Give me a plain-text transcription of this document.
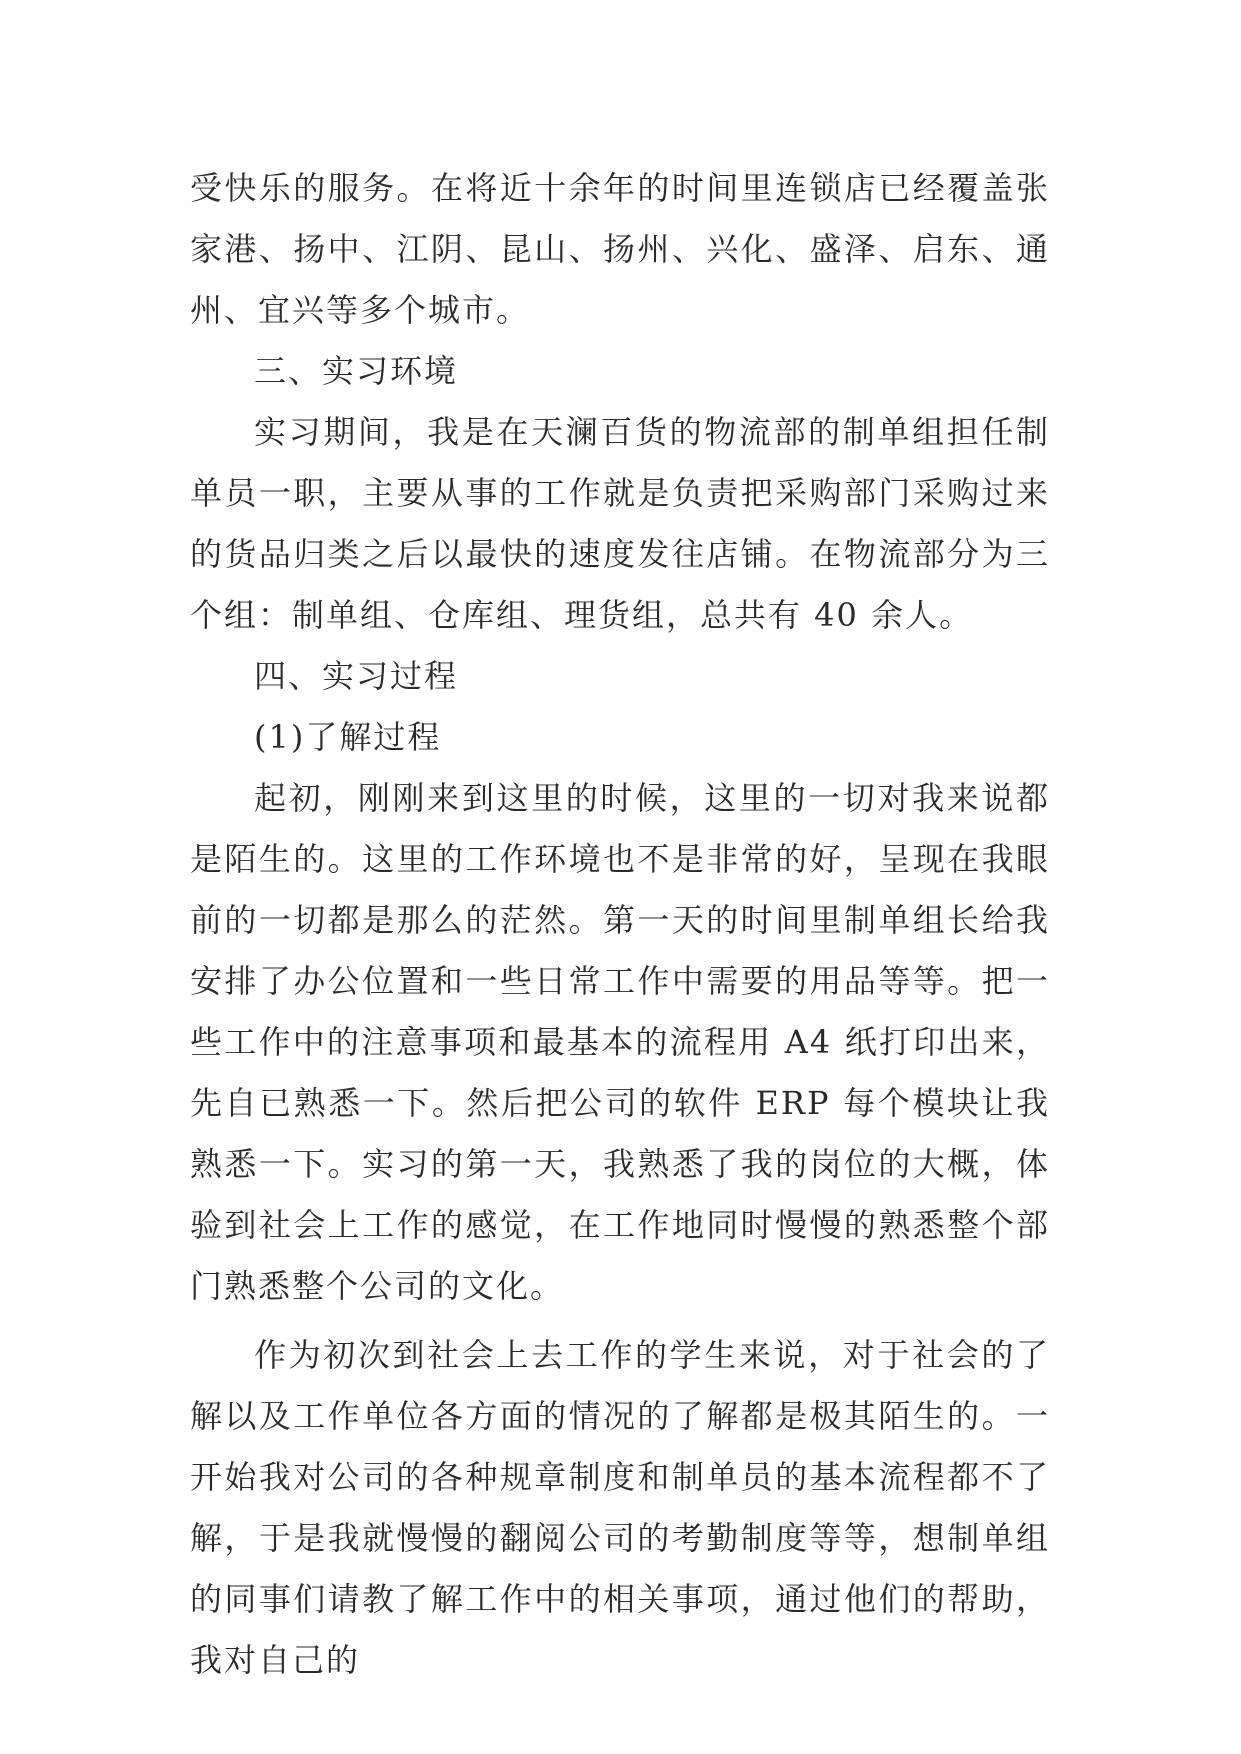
受快乐的服务。在将近十余年的时间里连锁店已经覆盖张家港、扬中、江阴、昆山、扬州、兴化、盛泽、启东、通州、宜兴等多个城市。

三、实习环境

实习期间，我是在天澜百货的物流部的制单组担任制单员一职，主要从事的工作就是负责把采购部门采购过来的货品归类之后以最快的速度发往店铺。在物流部分为三个组：制单组、仓库组、理货组，总共有 40 余人。

四、实习过程

(1)了解过程

起初，刚刚来到这里的时候，这里的一切对我来说都是陌生的。这里的工作环境也不是非常的好，呈现在我眼前的一切都是那么的茫然。第一天的时间里制单组长给我安排了办公位置和一些日常工作中需要的用品等等。把一些工作中的注意事项和最基本的流程用 A4 纸打印出来，先自已熟悉一下。然后把公司的软件 ERP 每个模块让我熟悉一下。实习的第一天，我熟悉了我的岗位的大概，体验到社会上工作的感觉，在工作地同时慢慢的熟悉整个部门熟悉整个公司的文化。

作为初次到社会上去工作的学生来说，对于社会的了解以及工作单位各方面的情况的了解都是极其陌生的。一开始我对公司的各种规章制度和制单员的基本流程都不了解，于是我就慢慢的翻阅公司的考勤制度等等，想制单组的同事们请教了解工作中的相关事项，通过他们的帮助，我对自己的
